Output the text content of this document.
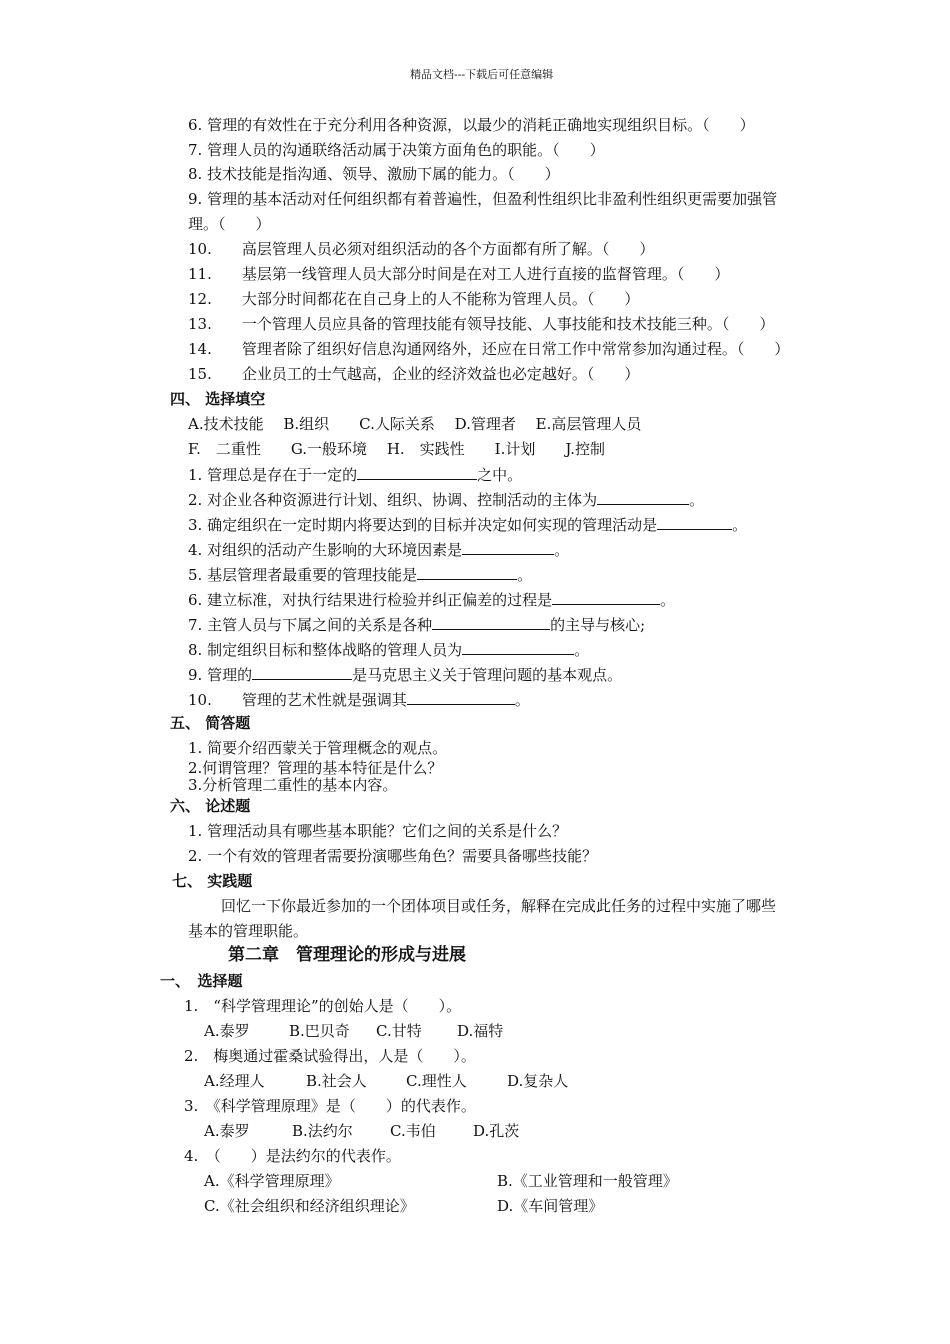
精品文档---下载后可任意编辑
6. 管理的有效性在于充分利用各种资源，以最少的消耗正确地实现组织目标。（　　）
7. 管理人员的沟通联络活动属于决策方面角色的职能。（　　）
8. 技术技能是指沟通、领导、激励下属的能力。（　　）
9. 管理的基本活动对任何组织都有着普遍性，但盈利性组织比非盈利性组织更需要加强管
理。（　　）
10.　　高层管理人员必须对组织活动的各个方面都有所了解。（　　）
11.　　基层第一线管理人员大部分时间是在对工人进行直接的监督管理。（　　）
12.　　大部分时间都花在自己身上的人不能称为管理人员。（　　）
13.　　一个管理人员应具备的管理技能有领导技能、人事技能和技术技能三种。（　　）
14.　　管理者除了组织好信息沟通网络外，还应在日常工作中常常参加沟通过程。（　　）
15.　　企业员工的士气越高，企业的经济效益也必定越好。（　　）
四、 选择填空
A.技术技能　 B.组织　　C.人际关系　 D.管理者　 E.高层管理人员
F.　二重性　　G.一般环境　 H.　实践性　　I.计划　　J.控制
1. 管理总是存在于一定的	之中。
2. 对企业各种资源进行计划、组织、协调、控制活动的主体为	。
3. 确定组织在一定时期内将要达到的目标并决定如何实现的管理活动是	。
4. 对组织的活动产生影响的大环境因素是	。
5. 基层管理者最重要的管理技能是	。
6. 建立标准，对执行结果进行检验并纠正偏差的过程是	。
7. 主管人员与下属之间的关系是各种	的主导与核心;
8. 制定组织目标和整体战略的管理人员为	。
9. 管理的	是马克思主义关于管理问题的基本观点。
10.　　管理的艺术性就是强调其	。
五、 简答题
1. 简要介绍西蒙关于管理概念的观点。
2.何谓管理？管理的基本特征是什么？
3.分析管理二重性的基本内容。
六、 论述题
1. 管理活动具有哪些基本职能？它们之间的关系是什么？
2. 一个有效的管理者需要扮演哪些角色？需要具备哪些技能？
七、 实践题
回忆一下你最近参加的一个团体项目或任务，解释在完成此任务的过程中实施了哪些
基本的管理职能。
第二章　管理理论的形成与进展
一、　选择题
1.　“科学管理理论”的创始人是（　　）。
A.泰罗	B.巴贝奇 C.甘特 D.福特
2.　梅奥通过霍桑试验得出，人是（　　）。
A.经理人	B.社会人	C.理性人	D.复杂人
3.　《科学管理原理》是（　　）的代表作。
A.泰罗	B.法约尔 C.韦伯 D.孔茨
4.　（　　）是法约尔的代表作。
A.《科学管理原理》	B.《工业管理和一般管理》
C.《社会组织和经济组织理论》	D.《车间管理》
